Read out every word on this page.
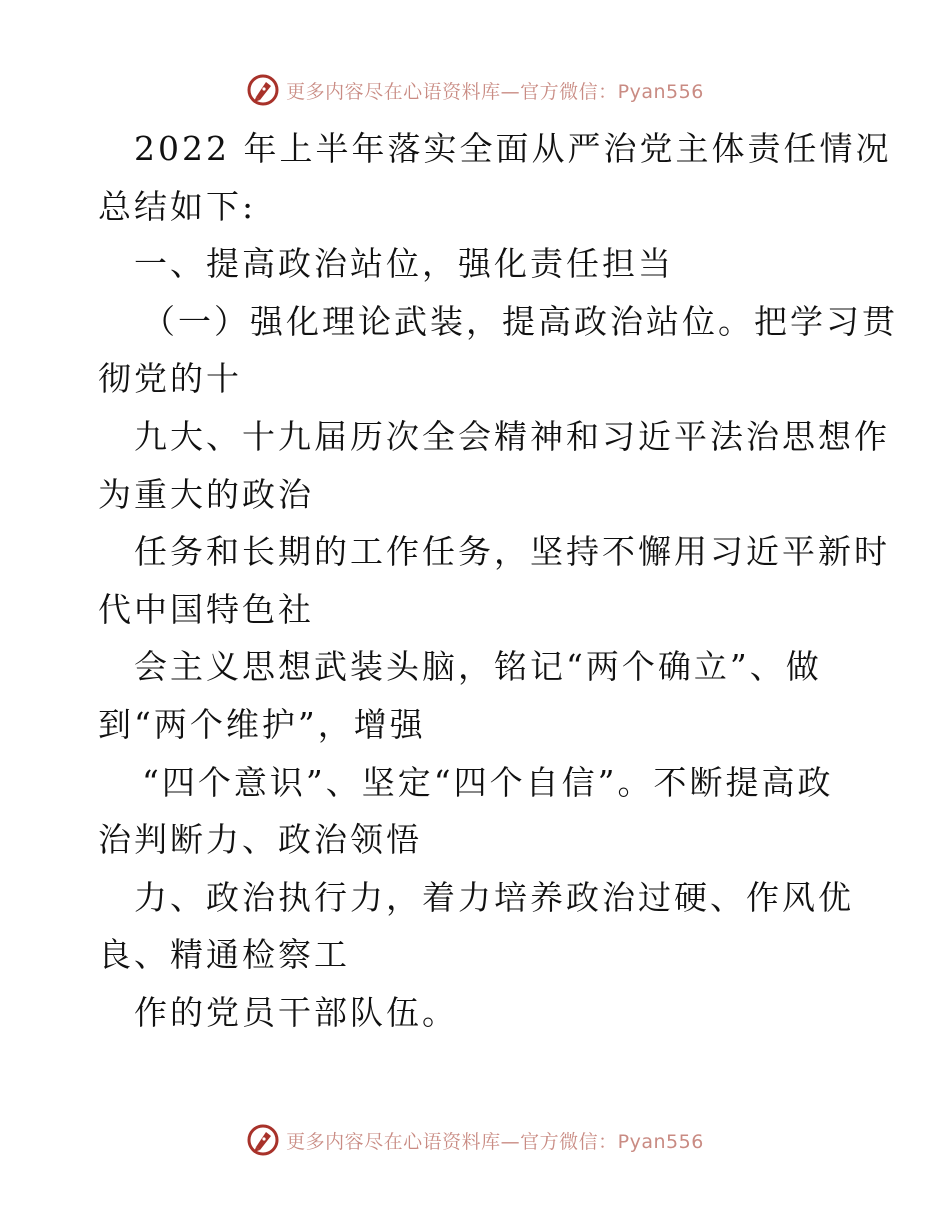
更多内容尽在心语资料库—官方微信：Pyan556
2022 年上半年落实全面从严治党主体责任情况
总结如下:
一、提高政治站位，强化责任担当
（一）强化理论武装，提高政治站位。把学习贯
彻党的十
九大、十九届历次全会精神和习近平法治思想作
为重大的政治
任务和长期的工作任务，坚持不懈用习近平新时
代中国特色社
会主义思想武装头脑，铭记“两个确立”、做
到“两个维护”，增强
“四个意识”、坚定“四个自信”。不断提高政
治判断力、政治领悟
力、政治执行力，着力培养政治过硬、作风优
良、精通检察工
作的党员干部队伍。
更多内容尽在心语资料库—官方微信：Pyan556
